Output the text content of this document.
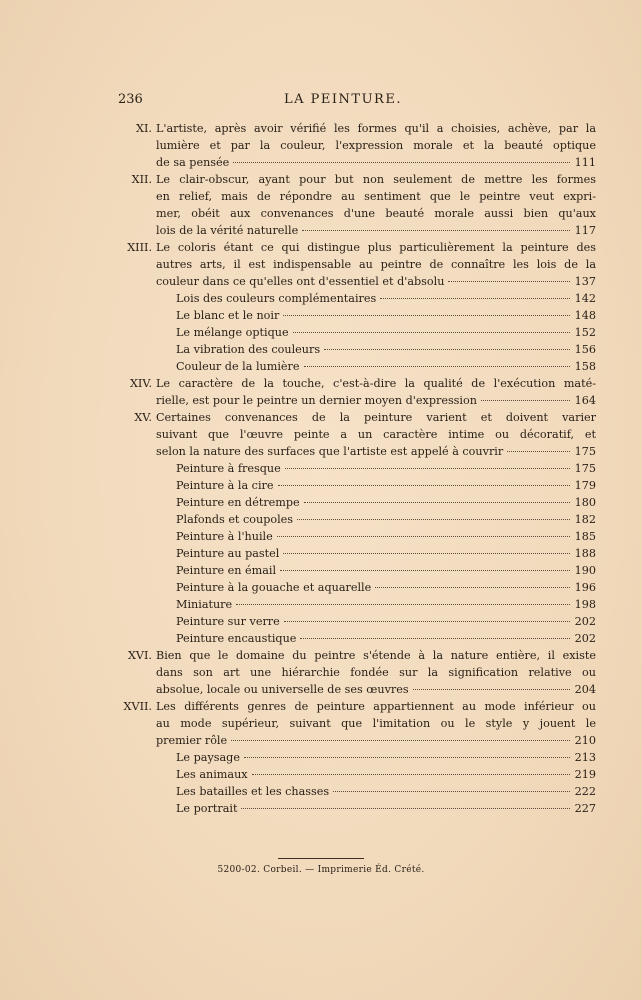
236	LA PEINTURE.
XI. L'artiste, après avoir vérifié les formes qu'il a choisies, achève, par la
lumière et par la couleur, l'expression morale et la beauté optique
de sa pensée	111
XII. Le clair-obscur, ayant pour but non seulement de mettre les formes
en relief, mais de répondre au sentiment que le peintre veut expri-
mer, obéit aux convenances d'une beauté morale aussi bien qu'aux
lois de la vérité naturelle	117
XIII. Le coloris étant ce qui distingue plus particulièrement la peinture des
autres arts, il est indispensable au peintre de connaître les lois de la
couleur dans ce qu'elles ont d'essentiel et d'absolu	137
Lois des couleurs complémentaires	142
Le blanc et le noir	148
Le mélange optique	152
La vibration des couleurs	156
Couleur de la lumière	158
XIV. Le caractère de la touche, c'est-à-dire la qualité de l'exécution maté-
rielle, est pour le peintre un dernier moyen d'expression	164
XV. Certaines convenances de la peinture varient et doivent varier
suivant que l'œuvre peinte a un caractère intime ou décoratif, et
selon la nature des surfaces que l'artiste est appelé à couvrir	175
Peinture à fresque	175
Peinture à la cire	179
Peinture en détrempe	180
Plafonds et coupoles	182
Peinture à l'huile	185
Peinture au pastel	188
Peinture en émail	190
Peinture à la gouache et aquarelle	196
Miniature	198
Peinture sur verre	202
Peinture encaustique	202
XVI. Bien que le domaine du peintre s'étende à la nature entière, il existe
dans son art une hiérarchie fondée sur la signification relative ou
absolue, locale ou universelle de ses œuvres	204
XVII. Les différents genres de peinture appartiennent au mode inférieur ou
au mode supérieur, suivant que l'imitation ou le style y jouent le
premier rôle	210
Le paysage	213
Les animaux	219
Les batailles et les chasses	222
Le portrait	227
5200-02. Corbeil. — Imprimerie Éd. Crété.
